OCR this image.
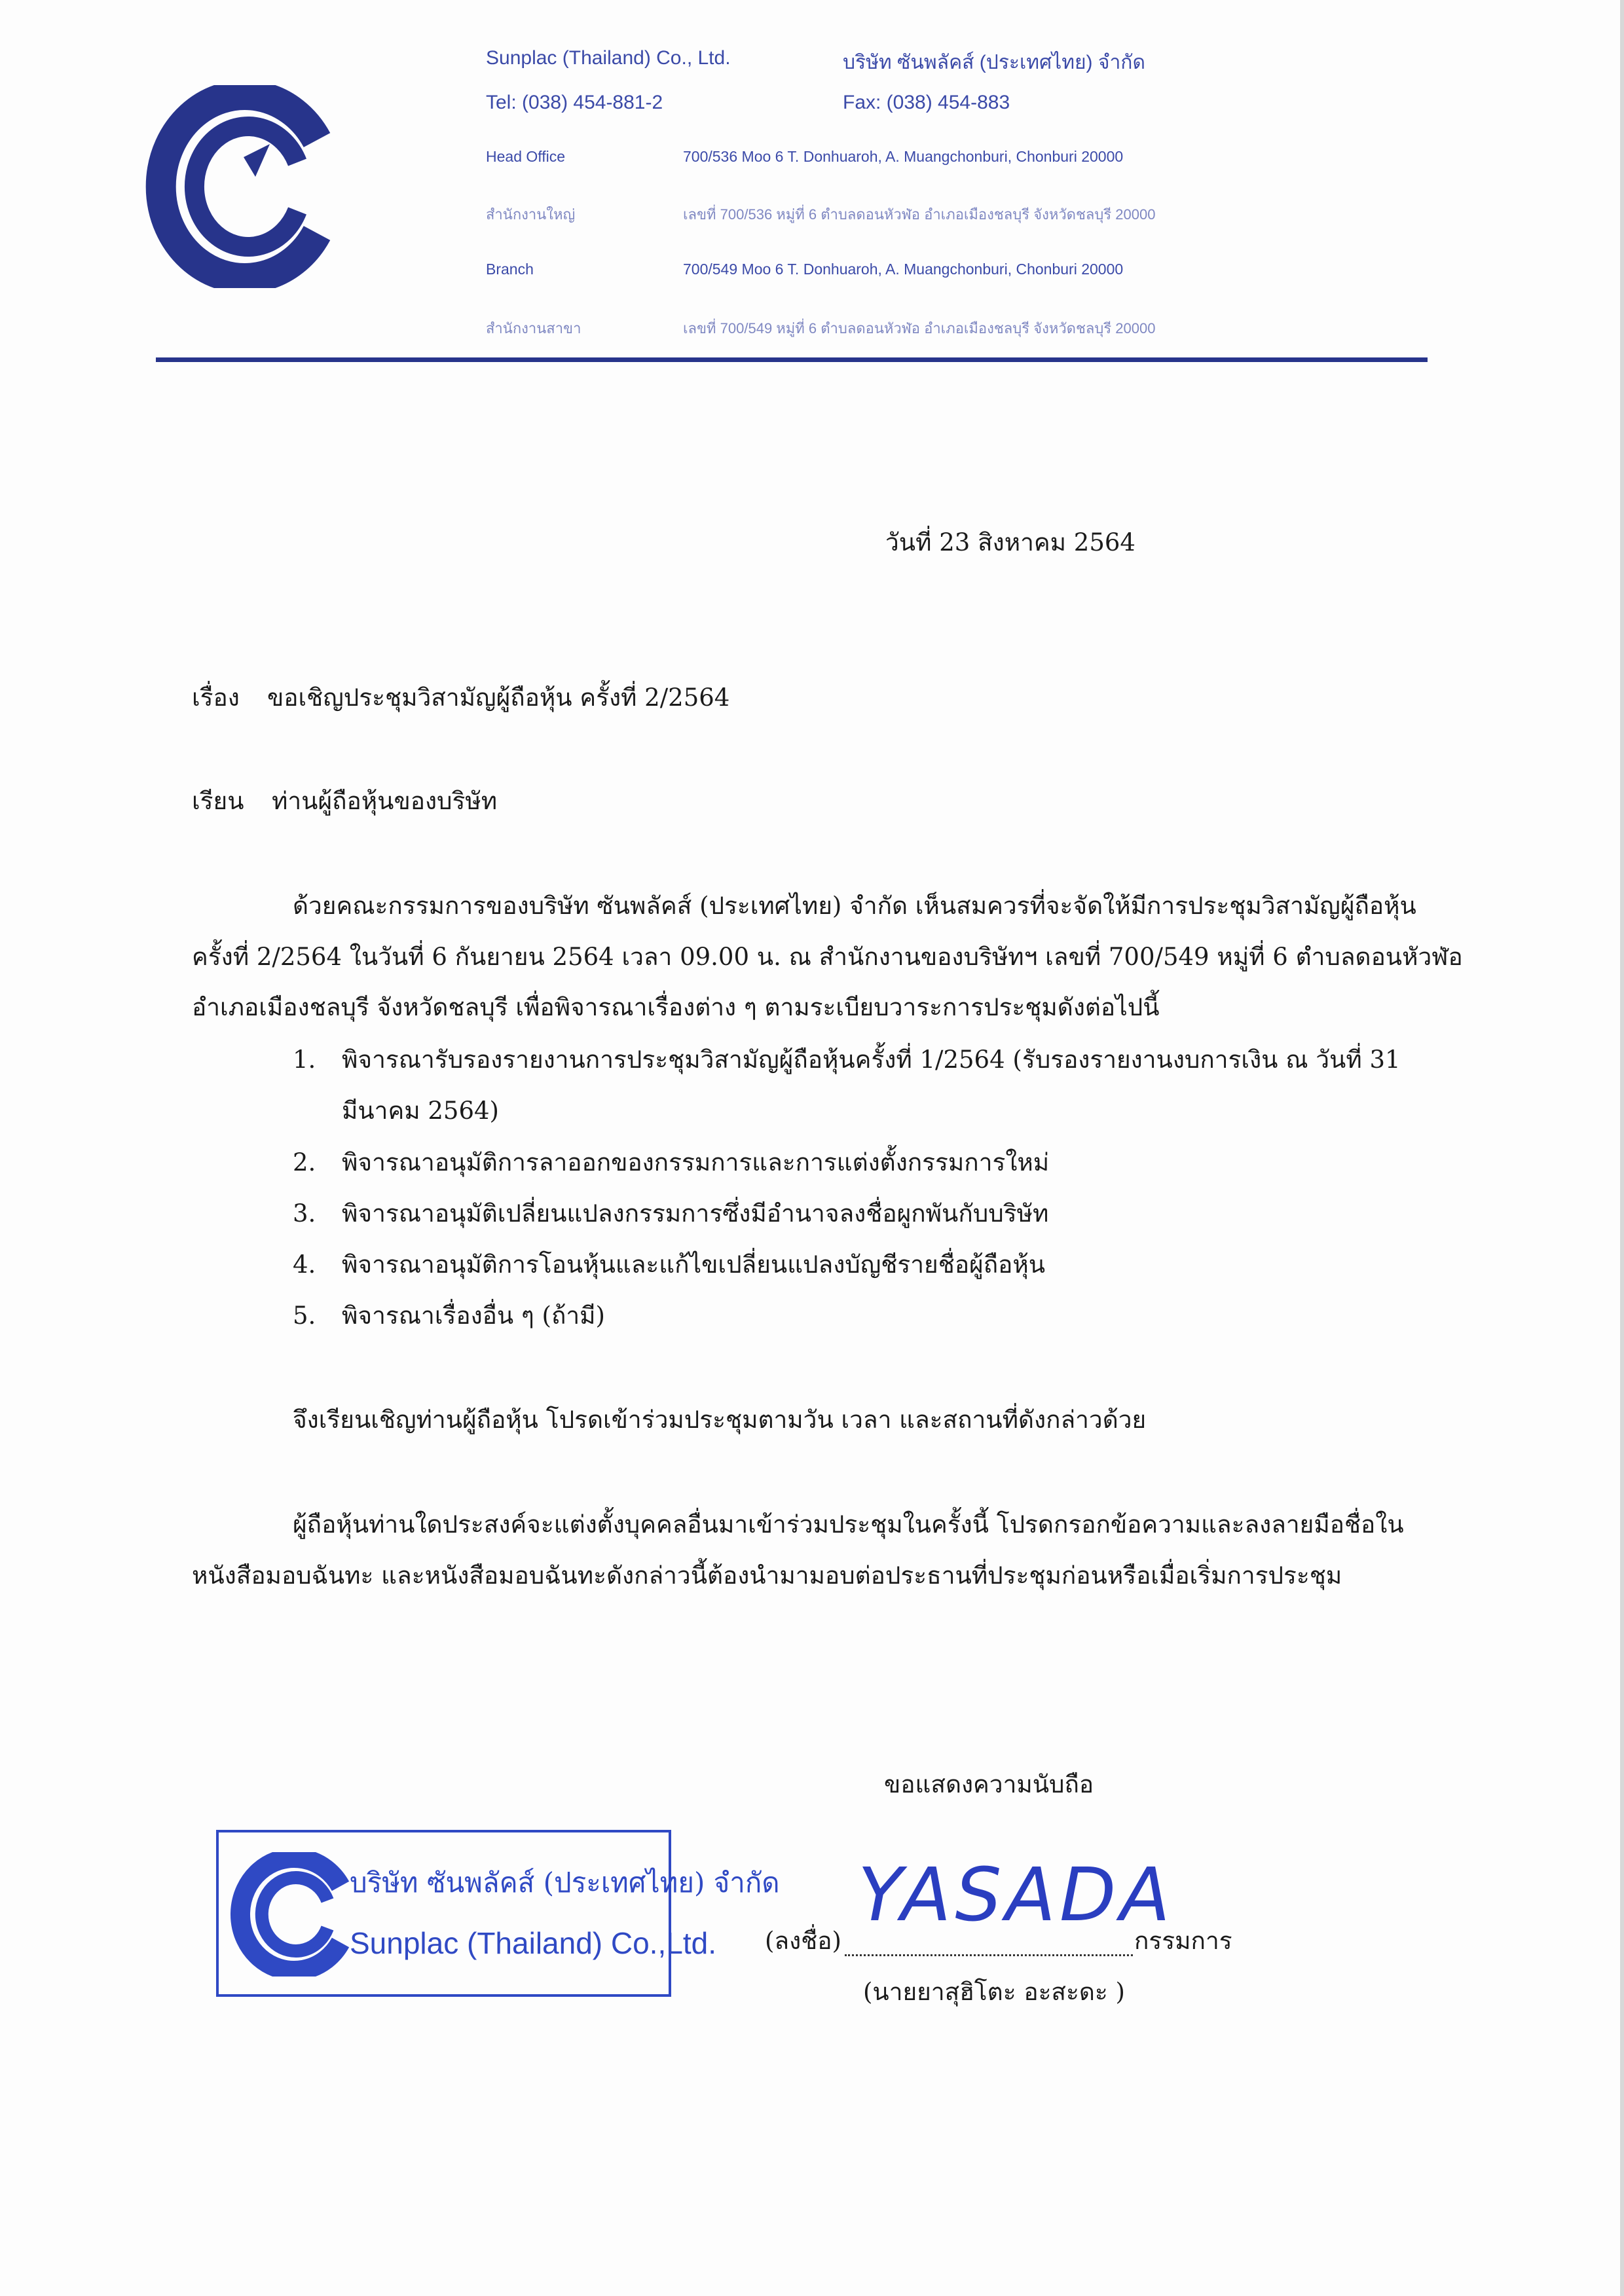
Sunplac (Thailand) Co., Ltd.	บริษัท ซันพลัคส์ (ประเทศไทย) จำกัด
Tel: (038) 454-881-2	Fax: (038) 454-883
Head Office	700/536 Moo 6 T. Donhuaroh, A. Muangchonburi, Chonburi 20000
สำนักงานใหญ่	เลขที่ 700/536 หมู่ที่ 6 ตำบลดอนหัวฬ่อ อำเภอเมืองชลบุรี จังหวัดชลบุรี 20000
Branch	700/549 Moo 6 T. Donhuaroh, A. Muangchonburi, Chonburi 20000
สำนักงานสาขา	เลขที่ 700/549 หมู่ที่ 6 ตำบลดอนหัวฬ่อ อำเภอเมืองชลบุรี จังหวัดชลบุรี 20000
วันที่ 23 สิงหาคม 2564
เรื่อง ขอเชิญประชุมวิสามัญผู้ถือหุ้น ครั้งที่ 2/2564
เรียน ท่านผู้ถือหุ้นของบริษัท
ด้วยคณะกรรมการของบริษัท ซันพลัคส์ (ประเทศไทย) จำกัด เห็นสมควรที่จะจัดให้มีการประชุมวิสามัญผู้ถือหุ้น
ครั้งที่ 2/2564 ในวันที่ 6 กันยายน 2564 เวลา 09.00 น. ณ สำนักงานของบริษัทฯ เลขที่ 700/549 หมู่ที่ 6 ตำบลดอนหัวฬ่อ
อำเภอเมืองชลบุรี จังหวัดชลบุรี เพื่อพิจารณาเรื่องต่าง ๆ ตามระเบียบวาระการประชุมดังต่อไปนี้
1. พิจารณารับรองรายงานการประชุมวิสามัญผู้ถือหุ้นครั้งที่ 1/2564 (รับรองรายงานงบการเงิน ณ วันที่ 31
มีนาคม 2564)
2. พิจารณาอนุมัติการลาออกของกรรมการและการแต่งตั้งกรรมการใหม่
3. พิจารณาอนุมัติเปลี่ยนแปลงกรรมการซึ่งมีอำนาจลงชื่อผูกพันกับบริษัท
4. พิจารณาอนุมัติการโอนหุ้นและแก้ไขเปลี่ยนแปลงบัญชีรายชื่อผู้ถือหุ้น
5. พิจารณาเรื่องอื่น ๆ (ถ้ามี)
จึงเรียนเชิญท่านผู้ถือหุ้น โปรดเข้าร่วมประชุมตามวัน เวลา และสถานที่ดังกล่าวด้วย
ผู้ถือหุ้นท่านใดประสงค์จะแต่งตั้งบุคคลอื่นมาเข้าร่วมประชุมในครั้งนี้ โปรดกรอกข้อความและลงลายมือชื่อใน
หนังสือมอบฉันทะ และหนังสือมอบฉันทะดังกล่าวนี้ต้องนำมามอบต่อประธานที่ประชุมก่อนหรือเมื่อเริ่มการประชุม
ขอแสดงความนับถือ
บริษัท ซันพลัคส์ (ประเทศไทย) จำกัด
Sunplac (Thailand) Co.,Ltd.
YASADA
(ลงชื่อ)	กรรมการ
(นายยาสุฮิโตะ อะสะดะ )
